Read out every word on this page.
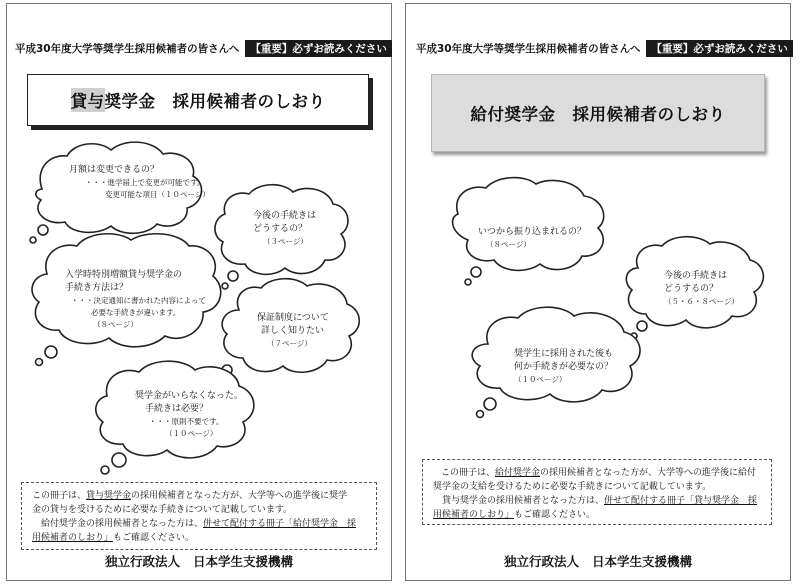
平成30年度大学等奨学生採用候補者の皆さんへ 【重要】必ずお読みください
貸与 奨学金　採用候補者のしおり
月額は変更できるの？
・・・進学届上で変更が可能です。
変更可能な項目（１０ページ）
今後の手続きは
どうするの？
（３ページ）
入学時特別増額貸与奨学金の
手続き方法は？
・・・決定通知に書かれた内容によって
必要な手続きが違います。
（８ページ）
保証制度について
詳しく知りたい
（７ページ）
奨学金がいらなくなった。
手続きは必要？
・・・原則不要です。
（１０ページ）

この冊子は、貸与奨学金の採用候補者となった方が、大学等への進学後に奨学

金の貸与を受けるために必要な手続きについて記載しています。

給付奨学金の採用候補者となった方は、併せて配付する冊子「給付奨学金　採

用候補者のしおり」もご確認ください。

独立行政法人 日本学生支援機構
平成30年度大学等奨学生採用候補者の皆さんへ 【重要】必ずお読みください
給付 奨学金　採用候補者のしおり
いつから振り込まれるの？
（８ページ）
今後の手続きは
どうするの？
（５・６・８ページ）
奨学生に採用された後も
何か手続きが必要なの？
（１０ページ）

この冊子は、給付奨学金の採用候補者となった方が、大学等への進学後に給付

奨学金の支給を受けるために必要な手続きについて記載しています。

貸与奨学金の採用候補者となった方は、併せて配付する冊子「貸与奨学金　採

用候補者のしおり」もご確認ください。

独立行政法人 日本学生支援機構
